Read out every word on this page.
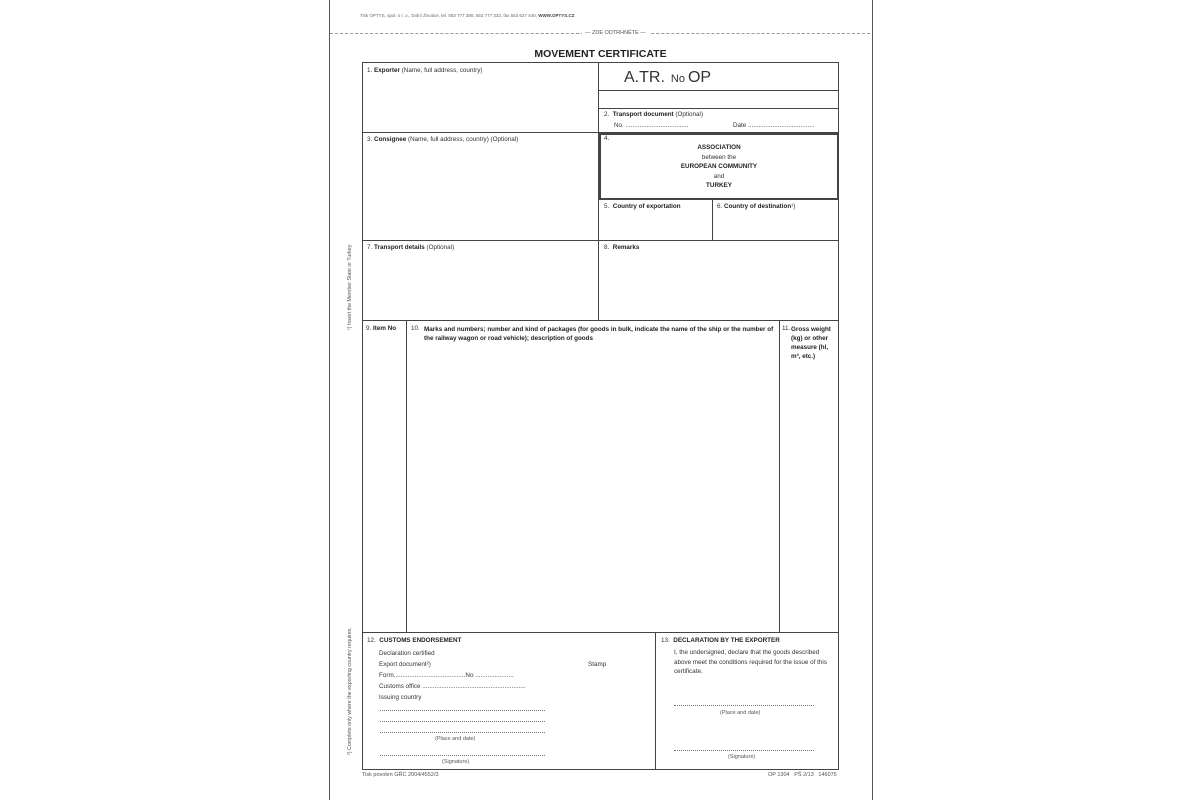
Tisk OPTYS, spol. s r. o., Dolní Životice, tel. 553 777 380, 553 777 333, fax 553 627 440, WWW.OPTYS.CZ
— ZDE ODTRHNĚTE —
MOVEMENT CERTIFICATE
A.TR. No OP
1. Exporter (Name, full address, country)
2. Transport document (Optional)
No. ....................................	Date ......................................
3. Consignee (Name, full address, country) (Optional)	4.
ASSOCIATION
between the
EUROPEAN COMMUNITY
and
TURKEY
5. Country of exportation	6. Country of destination¹)
7. Transport details (Optional)	8. Remarks
9. Item No 10. Marks and numbers; number and kind of packages (for goods in bulk, indicate the name of the ship or the number of the railway wagon or road vehicle); description of goods
11. Gross weight (kg) or other measure (hl, m³, etc.)
12. CUSTOMS ENDORSEMENT
Declaration certified
Export document²)
Form.........................................No ......................
Customs office ...........................................................
Issuing country
Stamp
(Place and date)
(Signature)
13. DECLARATION BY THE EXPORTER
I, the undersigned, declare that the goods described above meet the conditions required for the issue of this certificate.
(Place and date)
(Signature)
¹) Insert the Member State or Turkey.
²) Complete only where the exporting country requires.
Tisk povolen GŘC 2004/4552/3	OP 1304 PŠ 2/13 146075
